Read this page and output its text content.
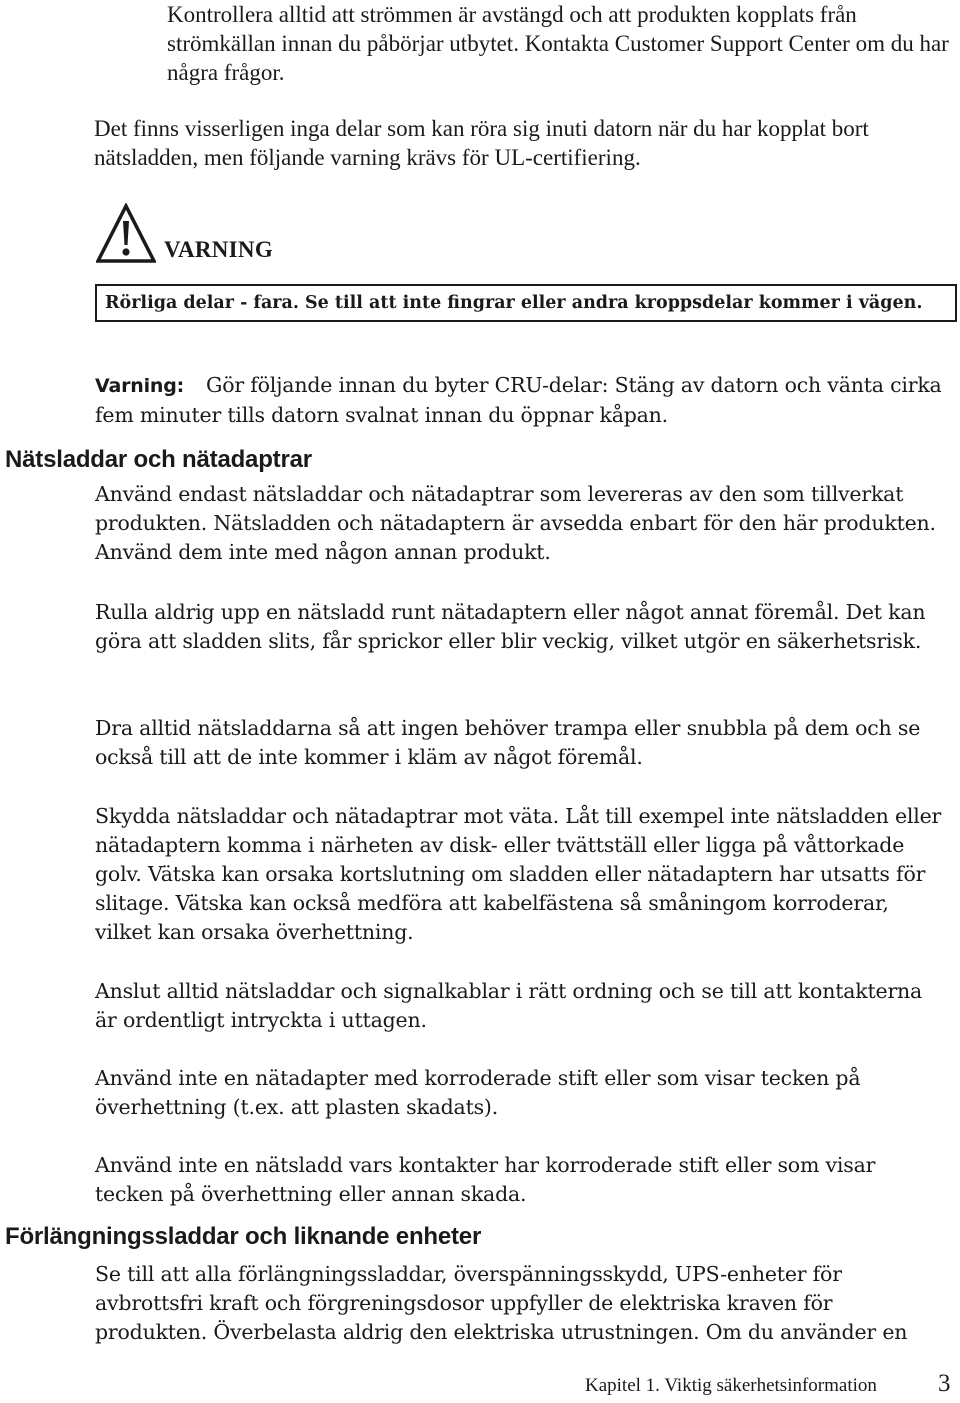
Kontrollera alltid att strömmen är avstängd och att produkten kopplats från strömkällan innan du påbörjar utbytet. Kontakta Customer Support Center om du har några frågor.

Det finns visserligen inga delar som kan röra sig inuti datorn när du har kopplat bort nätsladden, men följande varning krävs för UL-certifiering.

VARNING
Rörliga delar - fara. Se till att inte fingrar eller andra kroppsdelar kommer i vägen.

Varning: Gör följande innan du byter CRU-delar: Stäng av datorn och vänta cirka fem minuter tills datorn svalnat innan du öppnar kåpan.

Nätsladdar och nätadaptrar

Använd endast nätsladdar och nätadaptrar som levereras av den som tillverkat produkten. Nätsladden och nätadaptern är avsedda enbart för den här produkten. Använd dem inte med någon annan produkt.

Rulla aldrig upp en nätsladd runt nätadaptern eller något annat föremål. Det kan göra att sladden slits, får sprickor eller blir veckig, vilket utgör en säkerhetsrisk.

Dra alltid nätsladdarna så att ingen behöver trampa eller snubbla på dem och se också till att de inte kommer i kläm av något föremål.

Skydda nätsladdar och nätadaptrar mot väta. Låt till exempel inte nätsladden eller nätadaptern komma i närheten av disk- eller tvättställ eller ligga på våttorkade golv. Vätska kan orsaka kortslutning om sladden eller nätadaptern har utsatts för slitage. Vätska kan också medföra att kabelfästena så småningom korroderar, vilket kan orsaka överhettning.

Anslut alltid nätsladdar och signalkablar i rätt ordning och se till att kontakterna är ordentligt intryckta i uttagen.

Använd inte en nätadapter med korroderade stift eller som visar tecken på överhettning (t.ex. att plasten skadats).

Använd inte en nätsladd vars kontakter har korroderade stift eller som visar tecken på överhettning eller annan skada.

Förlängningssladdar och liknande enheter

Se till att alla förlängningssladdar, överspänningsskydd, UPS-enheter för avbrottsfri kraft och förgreningsdosor uppfyller de elektriska kraven för produkten. Överbelasta aldrig den elektriska utrustningen. Om du använder en

Kapitel 1. Viktig säkerhetsinformation 3
